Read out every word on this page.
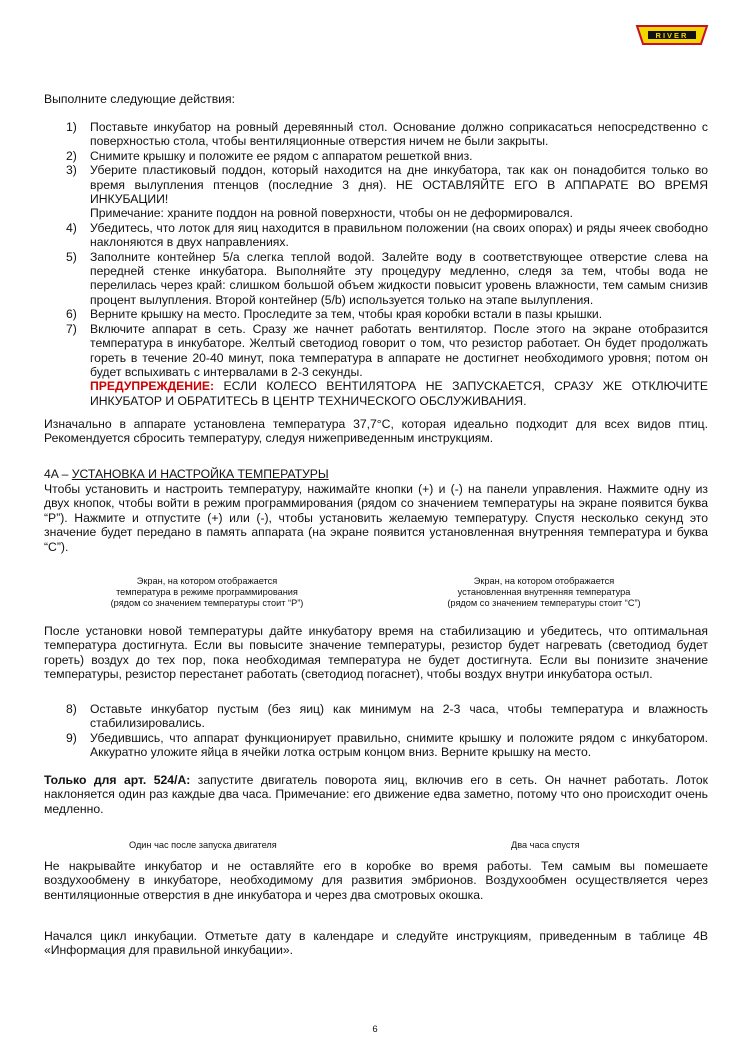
RIVER
Выполните следующие действия:
1) Поставьте инкубатор на ровный деревянный стол. Основание должно соприкасаться непосредственно с поверхностью стола, чтобы вентиляционные отверстия ничем не были закрыты.
2) Снимите крышку и положите ее рядом с аппаратом решеткой вниз.
3) Уберите пластиковый поддон, который находится на дне инкубатора, так как он понадобится только во время вылупления птенцов (последние 3 дня). НЕ ОСТАВЛЯЙТЕ ЕГО В АППАРАТЕ ВО ВРЕМЯ ИНКУБАЦИИ!
Примечание: храните поддон на ровной поверхности, чтобы он не деформировался.
4) Убедитесь, что лоток для яиц находится в правильном положении (на своих опорах) и ряды ячеек свободно наклоняются в двух направлениях.
5) Заполните контейнер 5/a слегка теплой водой. Залейте воду в соответствующее отверстие слева на передней стенке инкубатора. Выполняйте эту процедуру медленно, следя за тем, чтобы вода не перелилась через край: слишком большой объем жидкости повысит уровень влажности, тем самым снизив процент вылупления. Второй контейнер (5/b) используется только на этапе вылупления.
6) Верните крышку на место. Проследите за тем, чтобы края коробки встали в пазы крышки.
7) Включите аппарат в сеть. Сразу же начнет работать вентилятор. После этого на экране отобразится температура в инкубаторе. Желтый светодиод говорит о том, что резистор работает. Он будет продолжать гореть в течение 20-40 минут, пока температура в аппарате не достигнет необходимого уровня; потом он будет вспыхивать с интервалами в 2-3 секунды.
ПРЕДУПРЕЖДЕНИЕ: ЕСЛИ КОЛЕСО ВЕНТИЛЯТОРА НЕ ЗАПУСКАЕТСЯ, СРАЗУ ЖЕ ОТКЛЮЧИТЕ ИНКУБАТОР И ОБРАТИТЕСЬ В ЦЕНТР ТЕХНИЧЕСКОГО ОБСЛУЖИВАНИЯ.
Изначально в аппарате установлена температура 37,7°С, которая идеально подходит для всех видов птиц. Рекомендуется сбросить температуру, следуя нижеприведенным инструкциям.
4A – УСТАНОВКА И НАСТРОЙКА ТЕМПЕРАТУРЫ
Чтобы установить и настроить температуру, нажимайте кнопки (+) и (-) на панели управления. Нажмите одну из двух кнопок, чтобы войти в режим программирования (рядом со значением температуры на экране появится буква “P”). Нажмите и отпустите (+) или (-), чтобы установить желаемую температуру. Спустя несколько секунд это значение будет передано в память аппарата (на экране появится установленная внутренняя температура и буква “C”).
Экран, на котором отображается
температура в режиме программирования
(рядом со значением температуры стоит “P”)
Экран, на котором отображается
установленная внутренняя температура
(рядом со значением температуры стоит “C”)
После установки новой температуры дайте инкубатору время на стабилизацию и убедитесь, что оптимальная температура достигнута. Если вы повысите значение температуры, резистор будет нагревать (светодиод будет гореть) воздух до тех пор, пока необходимая температура не будет достигнута. Если вы понизите значение температуры, резистор перестанет работать (светодиод погаснет), чтобы воздух внутри инкубатора остыл.
8) Оставьте инкубатор пустым (без яиц) как минимум на 2-3 часа, чтобы температура и влажность стабилизировались.
9) Убедившись, что аппарат функционирует правильно, снимите крышку и положите рядом с инкубатором. Аккуратно уложите яйца в ячейки лотка острым концом вниз. Верните крышку на место.
Только для арт. 524/A: запустите двигатель поворота яиц, включив его в сеть. Он начнет работать. Лоток наклоняется один раз каждые два часа. Примечание: его движение едва заметно, потому что оно происходит очень медленно.
Один час после запуска двигателя	Два часа спустя
Не накрывайте инкубатор и не оставляйте его в коробке во время работы. Тем самым вы помешаете воздухообмену в инкубаторе, необходимому для развития эмбрионов. Воздухообмен осуществляется через вентиляционные отверстия в дне инкубатора и через два смотровых окошка.
Начался цикл инкубации. Отметьте дату в календаре и следуйте инструкциям, приведенным в таблице 4B «Информация для правильной инкубации».
6
